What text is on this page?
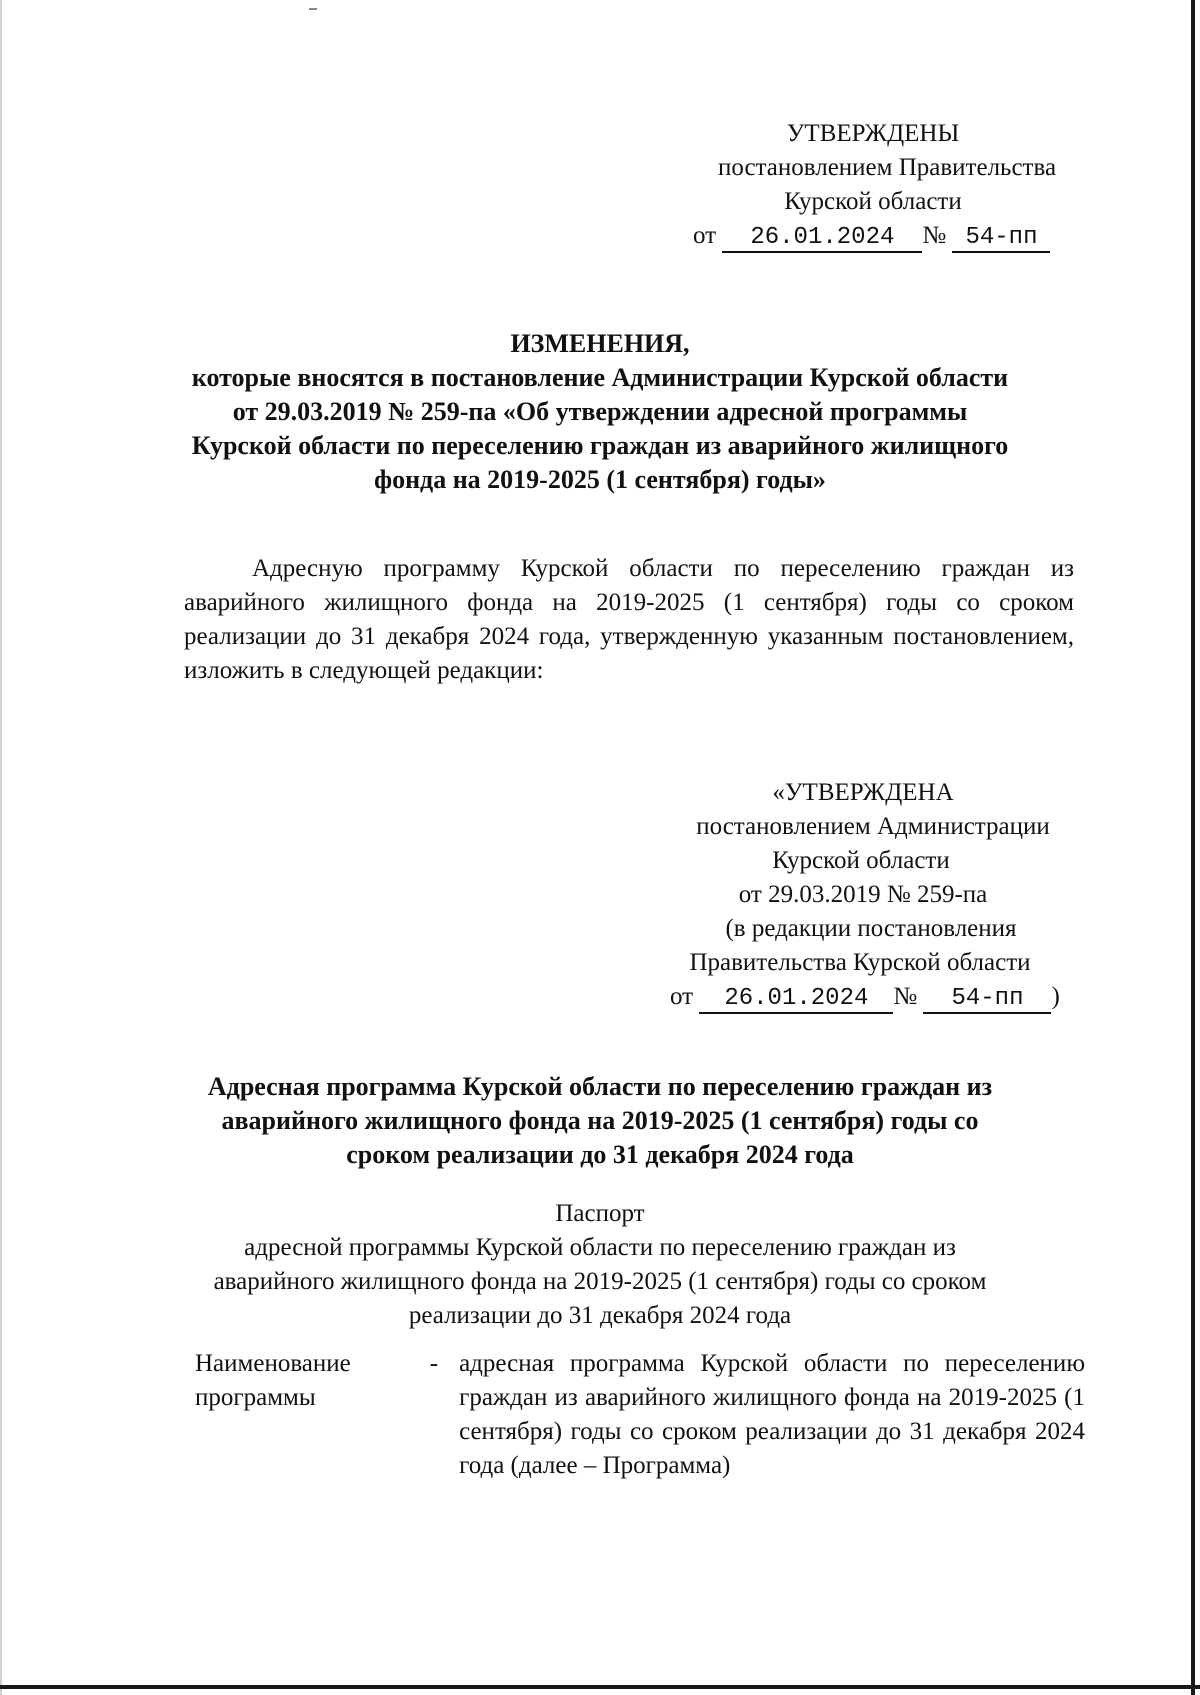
УТВЕРЖДЕНЫ
постановлением Правительства
Курской области
от 26.01.2024 № 54-пп
ИЗМЕНЕНИЯ,
которые вносятся в постановление Администрации Курской области
от 29.03.2019 № 259-па «Об утверждении адресной программы
Курской области по переселению граждан из аварийного жилищного
фонда на 2019-2025 (1 сентября) годы»

Адресную программу Курской области по переселению граждан из аварийного жилищного фонда на 2019-2025 (1 сентября) годы со сроком реализации до 31 декабря 2024 года, утвержденную указанным постановлением, изложить в следующей редакции:

«УТВЕРЖДЕНА
постановлением Администрации
Курской области
от 29.03.2019 № 259-па
(в редакции постановления
Правительства Курской области
от 26.01.2024 № 54-пп )
Адресная программа Курской области по переселению граждан из
аварийного жилищного фонда на 2019-2025 (1 сентября) годы со
сроком реализации до 31 декабря 2024 года
Паспорт
адресной программы Курской области по переселению граждан из
аварийного жилищного фонда на 2019-2025 (1 сентября) годы со сроком
реализации до 31 декабря 2024 года
Наименование программы
- адресная программа Курской области по переселению граждан из аварийного жилищного фонда на 2019-2025 (1 сентября) годы со сроком реализации до 31 декабря 2024 года (далее – Программа)
